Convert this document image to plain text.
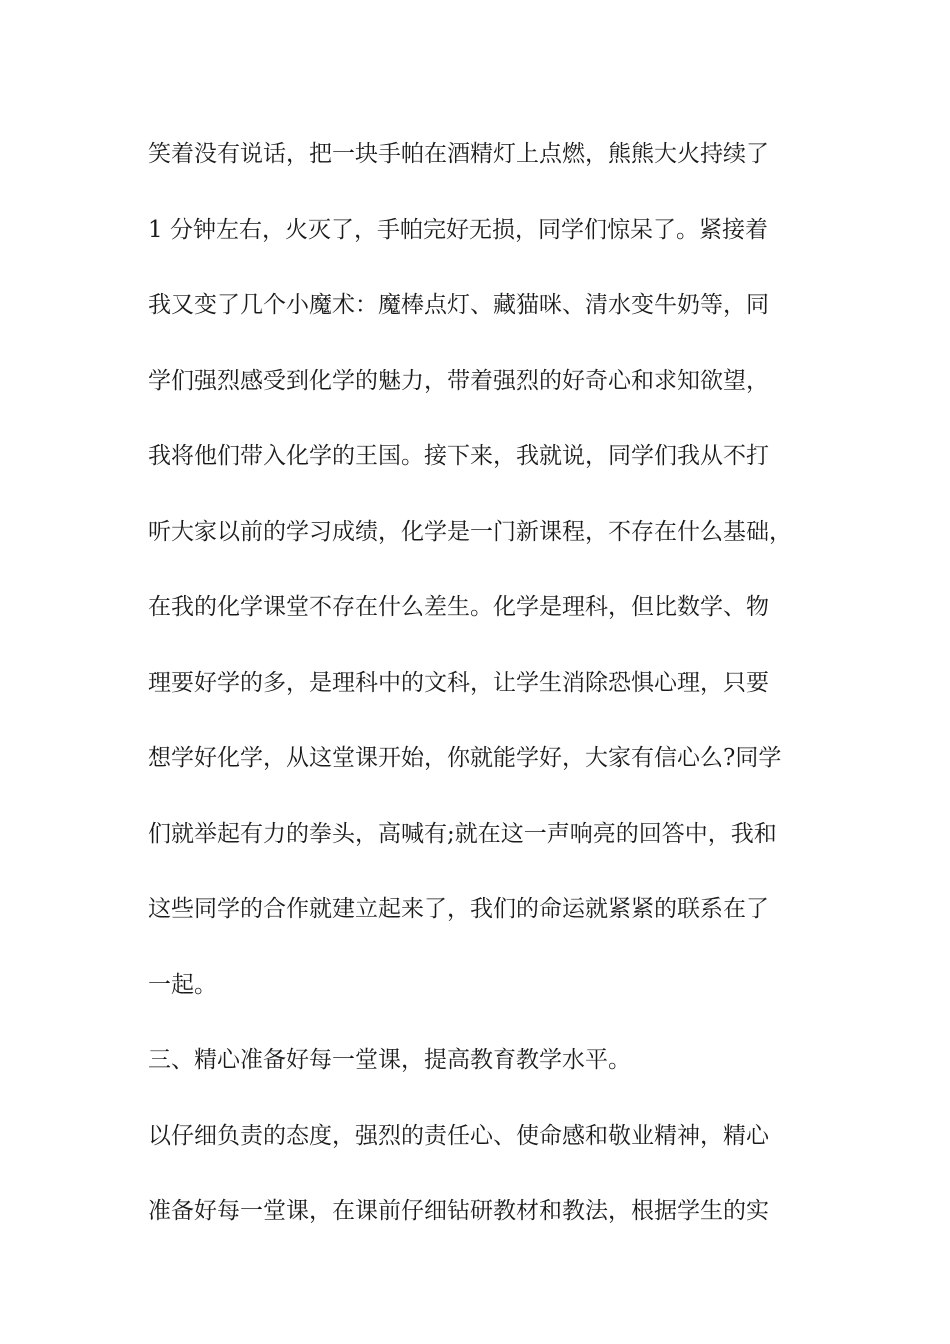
笑着没有说话，把一块手帕在酒精灯上点燃，熊熊大火持续了
1 分钟左右，火灭了，手帕完好无损，同学们惊呆了。紧接着
我又变了几个小魔术：魔棒点灯、藏猫咪、清水变牛奶等，同
学们强烈感受到化学的魅力，带着强烈的好奇心和求知欲望，
我将他们带入化学的王国。接下来，我就说，同学们我从不打
听大家以前的学习成绩，化学是一门新课程，不存在什么基础，
在我的化学课堂不存在什么差生。化学是理科，但比数学、物
理要好学的多，是理科中的文科，让学生消除恐惧心理，只要
想学好化学，从这堂课开始，你就能学好，大家有信心么?同学
们就举起有力的拳头，高喊有;就在这一声响亮的回答中，我和
这些同学的合作就建立起来了，我们的命运就紧紧的联系在了
一起。
三、精心准备好每一堂课，提高教育教学水平。
以仔细负责的态度，强烈的责任心、使命感和敬业精神，精心
准备好每一堂课，在课前仔细钻研教材和教法，根据学生的实
